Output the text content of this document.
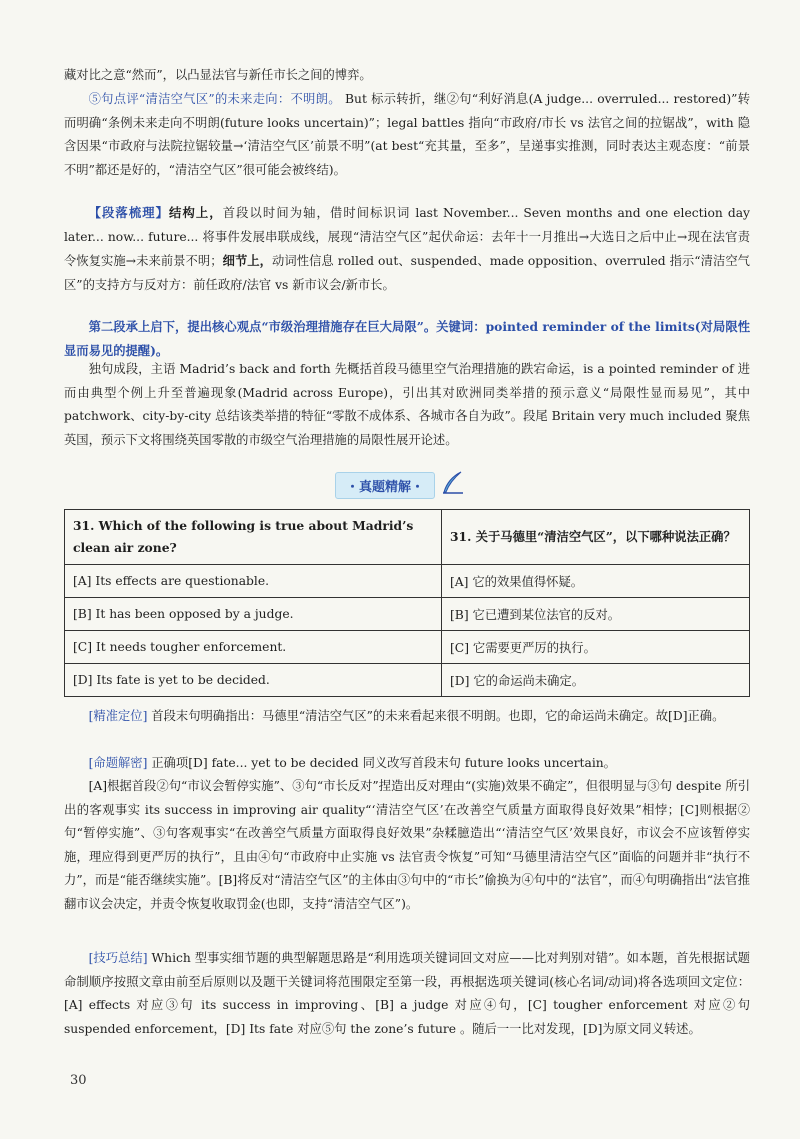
藏对比之意“然而”，以凸显法官与新任市长之间的博弈。

⑤句点评“清洁空气区”的未来走向：不明朗。 But 标示转折，继②句“利好消息(A judge... overruled... restored)”转而明确“条例未来走向不明朗(future looks uncertain)”；legal battles 指向“市政府/市长 vs 法官之间的拉锯战”，with 隐含因果“市政府与法院拉锯较量→‘清洁空气区’前景不明”(at best“充其量，至多”，呈递事实推测，同时表达主观态度：“前景不明”都还是好的，“清洁空气区”很可能会被终结)。

【段落梳理】结构上，首段以时间为轴，借时间标识词 last November... Seven months and one election day later... now... future... 将事件发展串联成线，展现“清洁空气区”起伏命运：去年十一月推出→大选日之后中止→现在法官责令恢复实施→未来前景不明；细节上，动词性信息 rolled out、suspended、made opposition、overruled 指示“清洁空气区”的支持方与反对方：前任政府/法官 vs 新市议会/新市长。

第二段承上启下，提出核心观点“市级治理措施存在巨大局限”。关键词：pointed reminder of the limits(对局限性显而易见的提醒)。

独句成段，主语 Madrid’s back and forth 先概括首段马德里空气治理措施的跌宕命运，is a pointed reminder of 进而由典型个例上升至普遍现象(Madrid across Europe)，引出其对欧洲同类举措的预示意义“局限性显而易见”，其中 patchwork、city-by-city 总结该类举措的特征“零散不成体系、各城市各自为政”。段尾 Britain very much included 聚焦英国，预示下文将围绕英国零散的市级空气治理措施的局限性展开论述。

・真题精解・
31. Which of the following is true about Madrid’s clean air zone?	31. 关于马德里“清洁空气区”，以下哪种说法正确？
[A] Its effects are questionable.	[A] 它的效果值得怀疑。
[B] It has been opposed by a judge.	[B] 它已遭到某位法官的反对。
[C] It needs tougher enforcement.	[C] 它需要更严厉的执行。
[D] Its fate is yet to be decided.	[D] 它的命运尚未确定。

[精准定位] 首段末句明确指出：马德里“清洁空气区”的未来看起来很不明朗。也即，它的命运尚未确定。故[D]正确。

[命题解密] 正确项[D] fate... yet to be decided 同义改写首段末句 future looks uncertain。

[A]根据首段②句“市议会暂停实施”、③句“市长反对”捏造出反对理由“(实施)效果不确定”，但很明显与③句 despite 所引出的客观事实 its success in improving air quality“‘清洁空气区’在改善空气质量方面取得良好效果”相悖；[C]则根据②句“暂停实施”、③句客观事实“在改善空气质量方面取得良好效果”杂糅臆造出“‘清洁空气区’效果良好，市议会不应该暂停实施，理应得到更严厉的执行”，且由④句“市政府中止实施 vs 法官责令恢复”可知“马德里清洁空气区”面临的问题并非“执行不力”，而是“能否继续实施”。[B]将反对“清洁空气区”的主体由③句中的“市长”偷换为④句中的“法官”，而④句明确指出“法官推翻市议会决定，并责令恢复收取罚金(也即，支持“清洁空气区”)。

[技巧总结] Which 型事实细节题的典型解题思路是“利用选项关键词回文对应——比对判别对错”。如本题，首先根据试题命制顺序按照文章由前至后原则以及题干关键词将范围限定至第一段，再根据选项关键词(核心名词/动词)将各选项回文定位：[A] effects 对应③句 its success in improving、[B] a judge 对应④句，[C] tougher enforcement 对应②句 suspended enforcement，[D] Its fate 对应⑤句 the zone’s future 。随后一一比对发现，[D]为原文同义转述。

30
